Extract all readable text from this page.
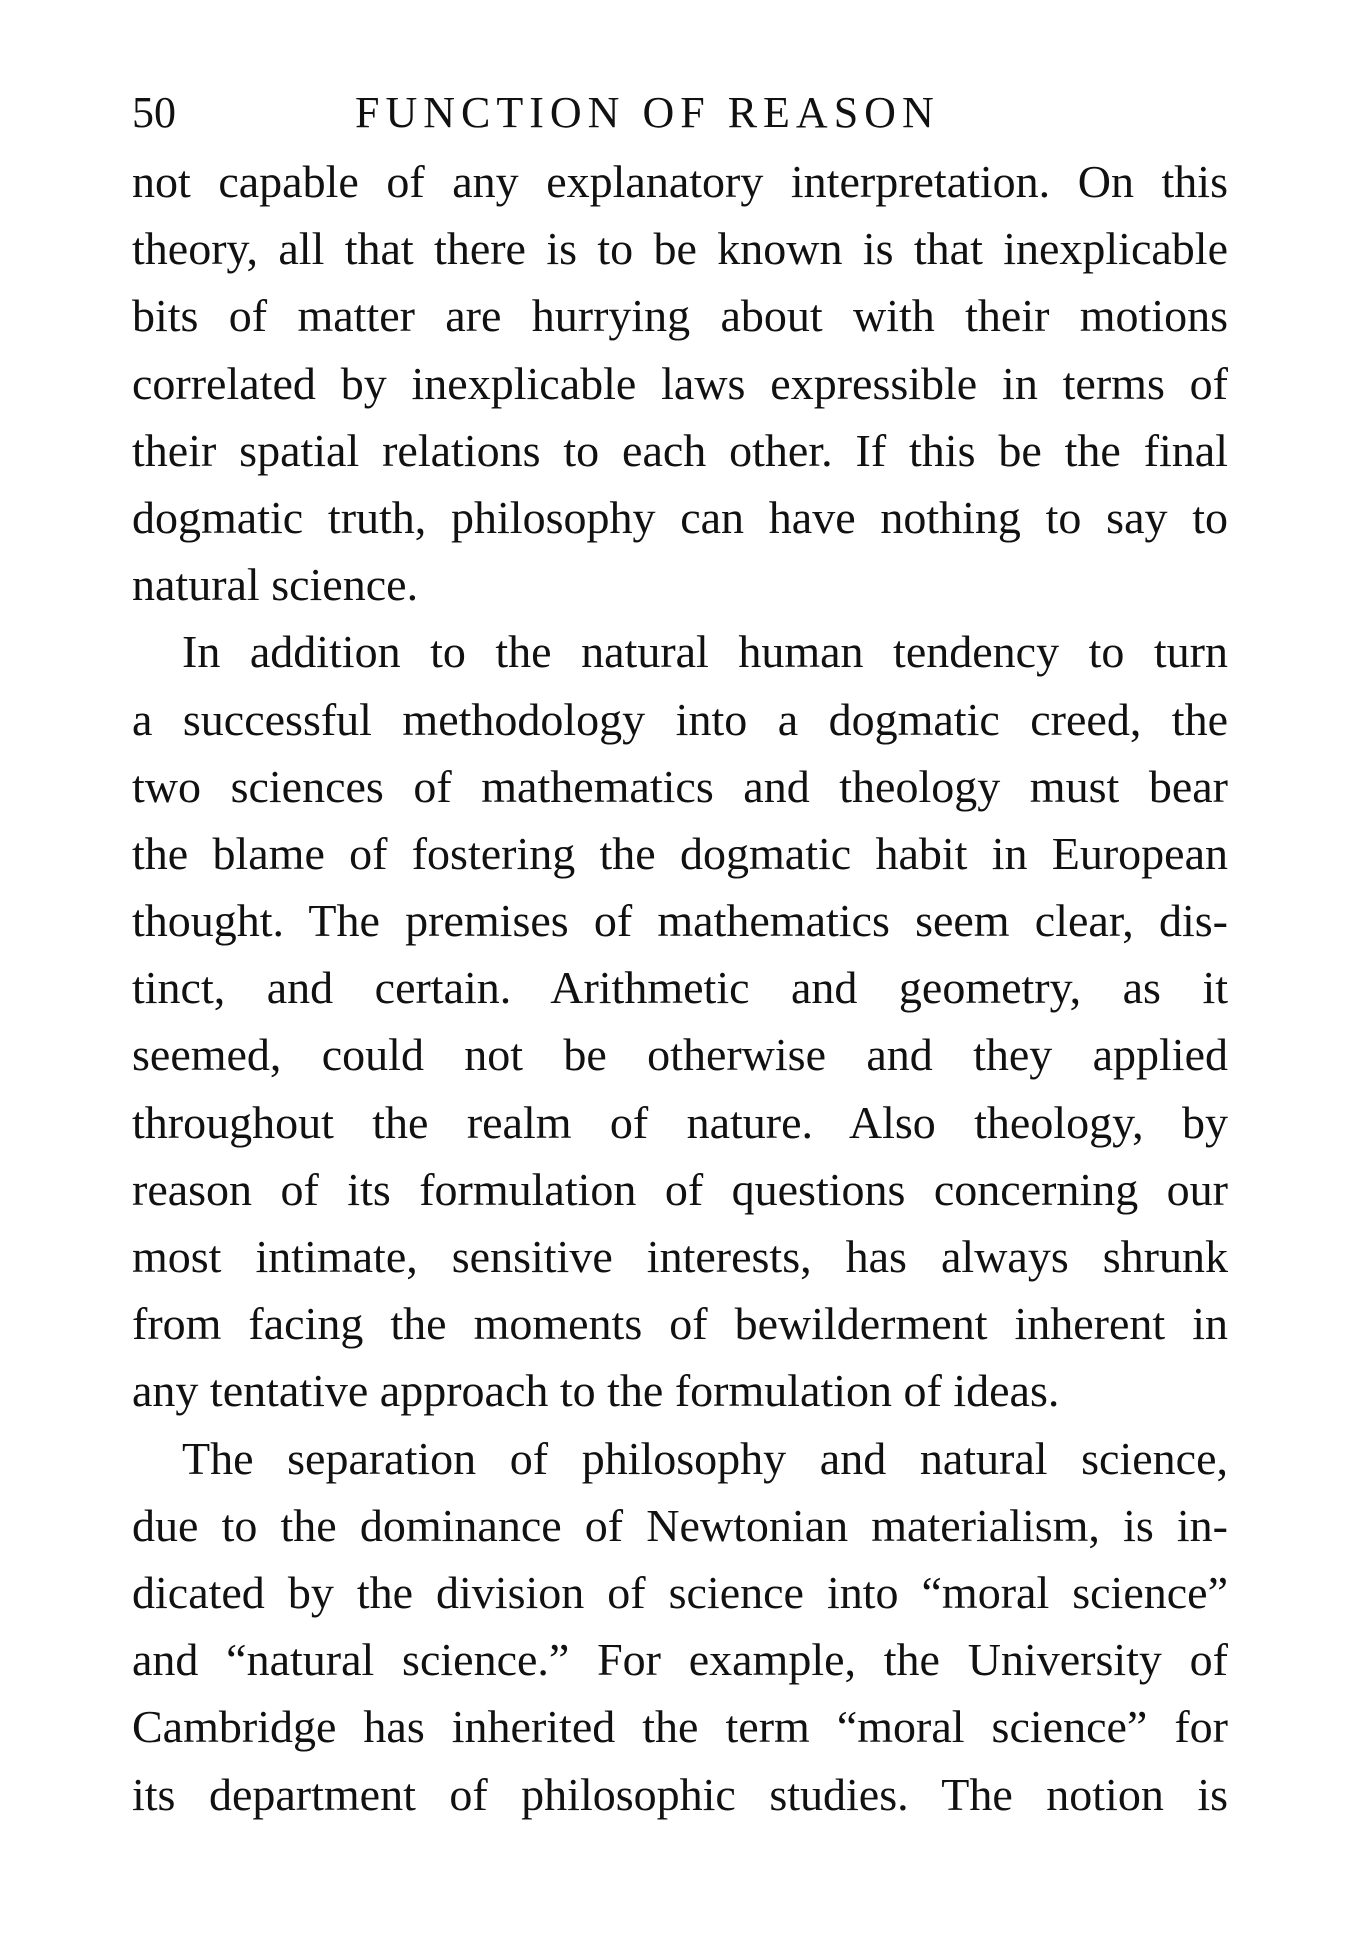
50	FUNCTION OF REASON
not capable of any explanatory interpretation. On this
theory, all that there is to be known is that inexplicable
bits of matter are hurrying about with their motions
correlated by inexplicable laws expressible in terms of
their spatial relations to each other. If this be the final
dogmatic truth, philosophy can have nothing to say to
natural science.
In addition to the natural human tendency to turn
a successful methodology into a dogmatic creed, the
two sciences of mathematics and theology must bear
the blame of fostering the dogmatic habit in European
thought. The premises of mathematics seem clear, dis-
tinct, and certain. Arithmetic and geometry, as it
seemed, could not be otherwise and they applied
throughout the realm of nature. Also theology, by
reason of its formulation of questions concerning our
most intimate, sensitive interests, has always shrunk
from facing the moments of bewilderment inherent in
any tentative approach to the formulation of ideas.
The separation of philosophy and natural science,
due to the dominance of Newtonian materialism, is in-
dicated by the division of science into “moral science”
and “natural science.” For example, the University of
Cambridge has inherited the term “moral science” for
its department of philosophic studies. The notion is
